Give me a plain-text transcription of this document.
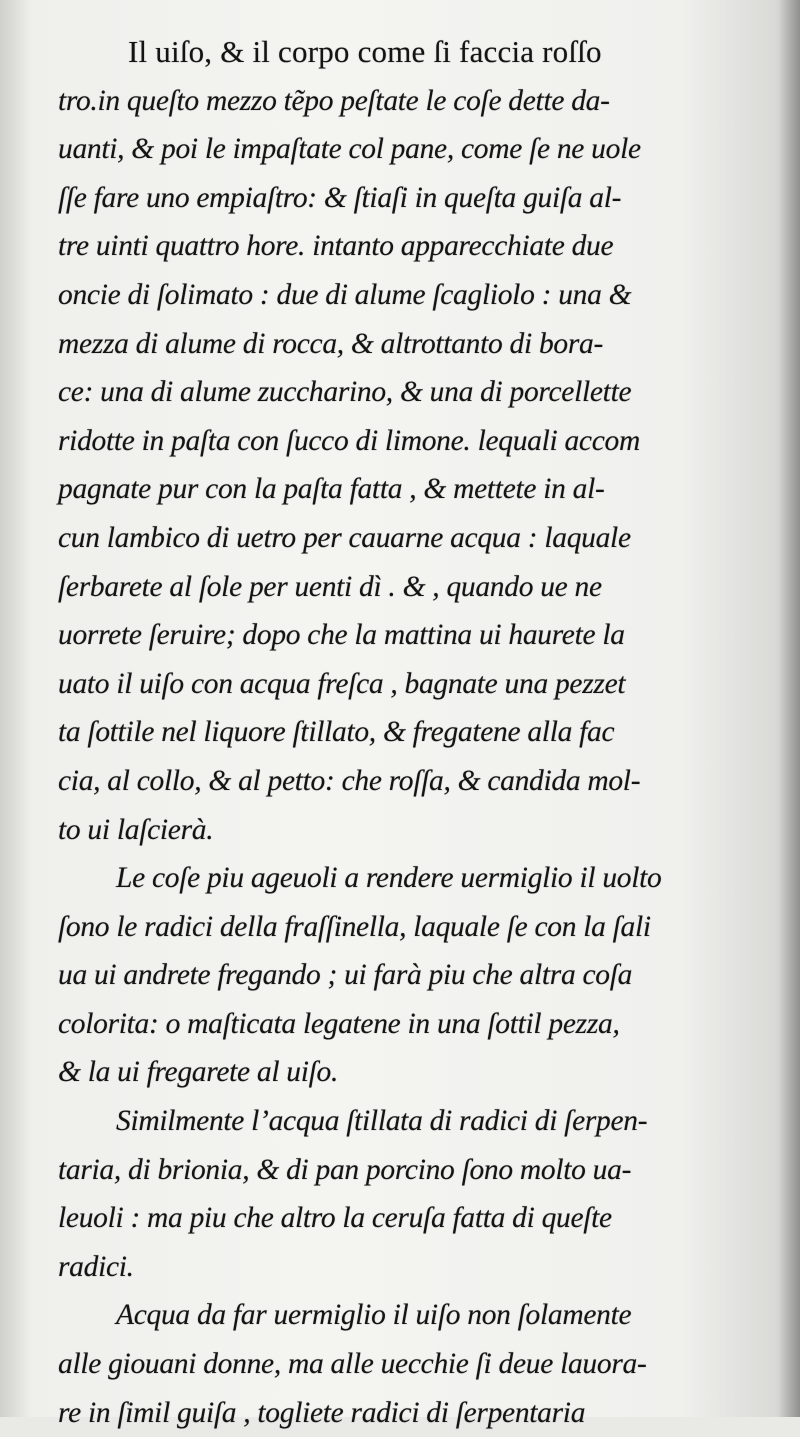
Il uiſo, & il corpo come ſi faccia roſſo
tro.in queſto mezzo tẽpo peſtate le coſe dette da-
uanti, & poi le impaſtate col pane, come ſe ne uole
ſſe fare uno empiaſtro: & ſtiaſi in queſta guiſa al-
tre uinti quattro hore. intanto apparecchiate due
oncie di ſolimato : due di alume ſcagliolo : una &
mezza di alume di rocca, & altrottanto di bora-
ce: una di alume zuccharino, & una di porcellette
ridotte in paſta con ſucco di limone. lequali accom
pagnate pur con la paſta fatta , & mettete in al-
cun lambico di uetro per cauarne acqua : laquale
ſerbarete al ſole per uenti dì . & , quando ue ne
uorrete ſeruire; dopo che la mattina ui haurete la
uato il uiſo con acqua freſca , bagnate una pezzet
ta ſottile nel liquore ſtillato, & fregatene alla fac
cia, al collo, & al petto: che roſſa, & candida mol-
to ui laſcierà.
Le coſe piu ageuoli a rendere uermiglio il uolto
ſono le radici della fraſſinella, laquale ſe con la ſali
ua ui andrete fregando ; ui farà piu che altra coſa
colorita: o maſticata legatene in una ſottil pezza,
& la ui fregarete al uiſo.
Similmente l’acqua ſtillata di radici di ſerpen-
taria, di brionia, & di pan porcino ſono molto ua-
leuoli : ma piu che altro la ceruſa fatta di queſte
radici.
Acqua da far uermiglio il uiſo non ſolamente
alle giouani donne, ma alle uecchie ſi deue lauora-
re in ſimil guiſa , togliete radici di ſerpentaria
